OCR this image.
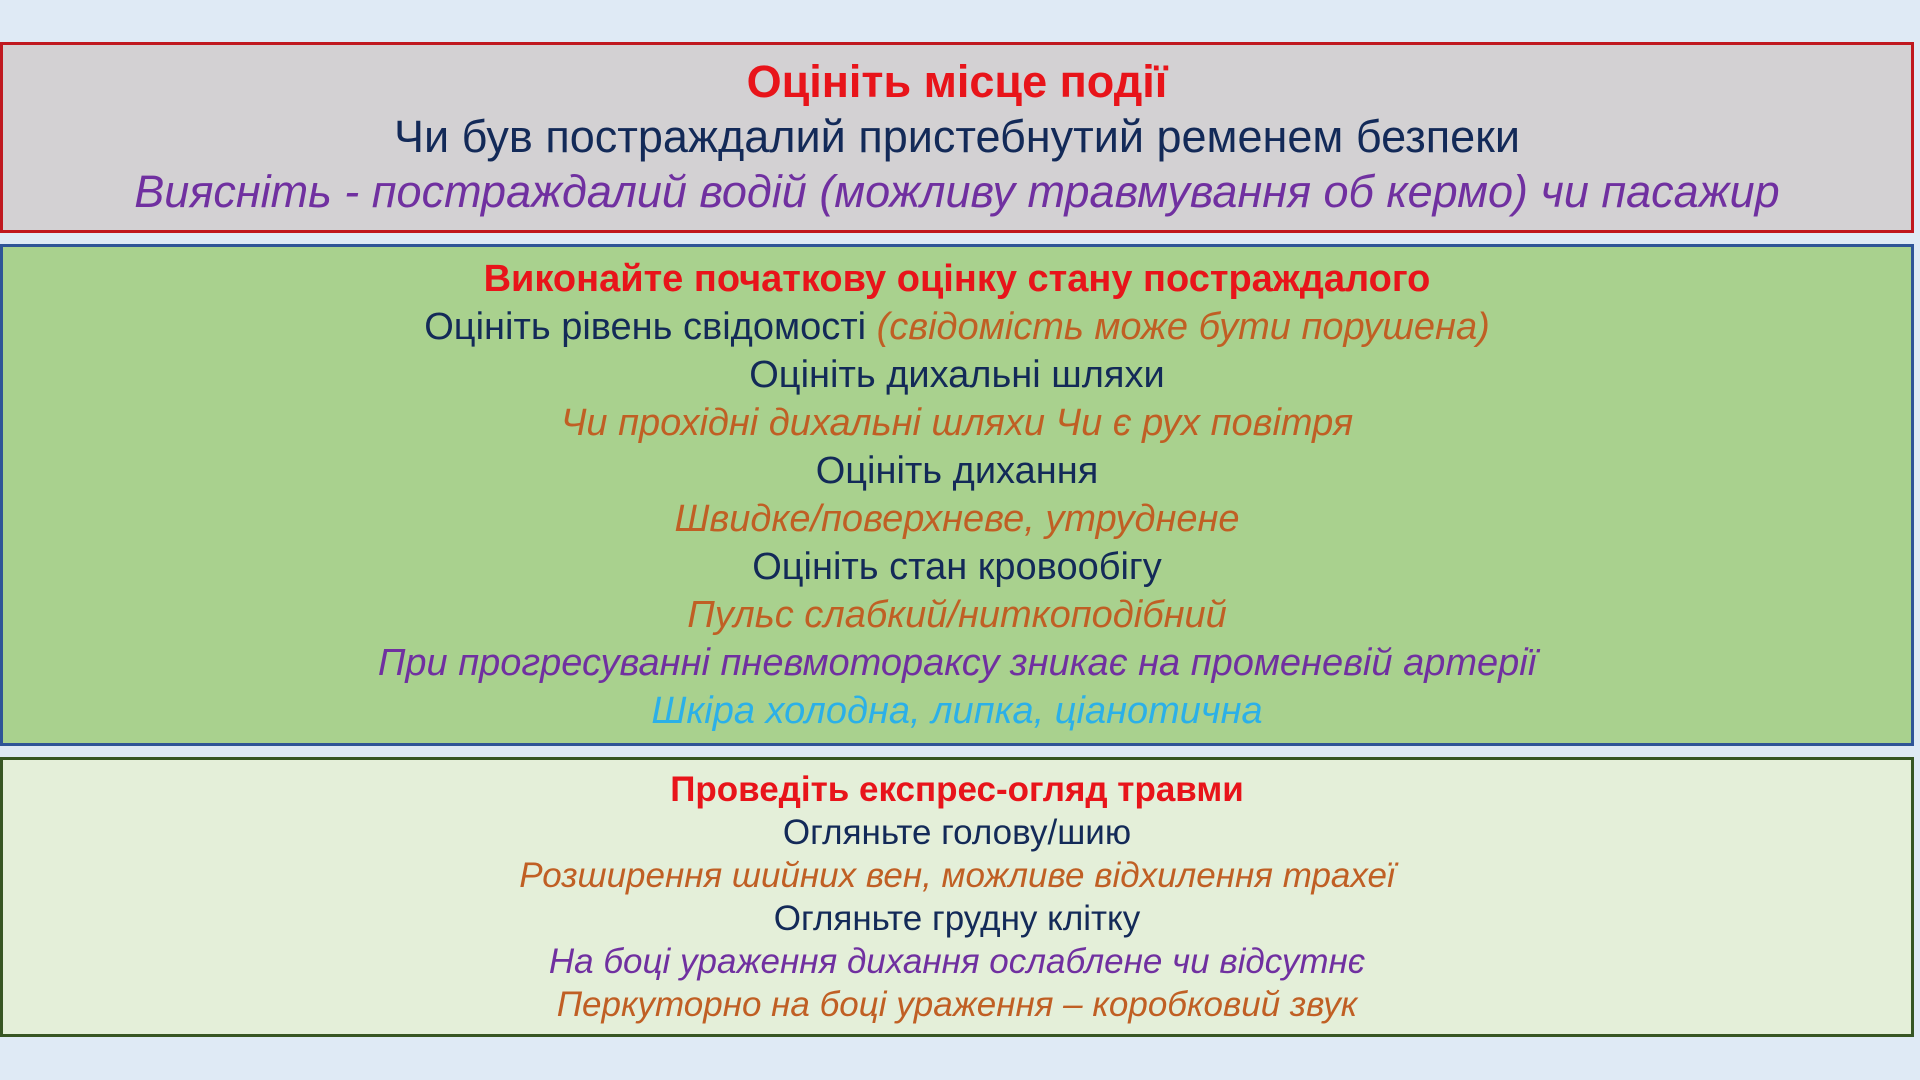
Оцініть місце події
Чи був постраждалий пристебнутий ременем безпеки
Вияcніть - постраждалий водій (можливу травмування об кермо) чи пасажир
Виконайте початкову оцінку стану постраждалого
Оцініть рівень свідомості (свідомість може бути порушена)
Оцініть дихальні шляхи
Чи прохідні дихальні шляхи Чи є рух повітря
Оцініть дихання
Швидке/поверхневе, утруднене
Оцініть стан кровообігу
Пульс слабкий/ниткоподібний
При прогресуванні пневмотораксу зникає на променевій артерії
Шкіра холодна, липка, ціанотична
Проведіть експрес-огляд травми
Огляньте голову/шию
Розширення шийних вен, можливе відхилення трахеї
Огляньте грудну клітку
На боці ураження дихання ослаблене чи відсутнє
Перкуторно на боці ураження – коробковий звук
